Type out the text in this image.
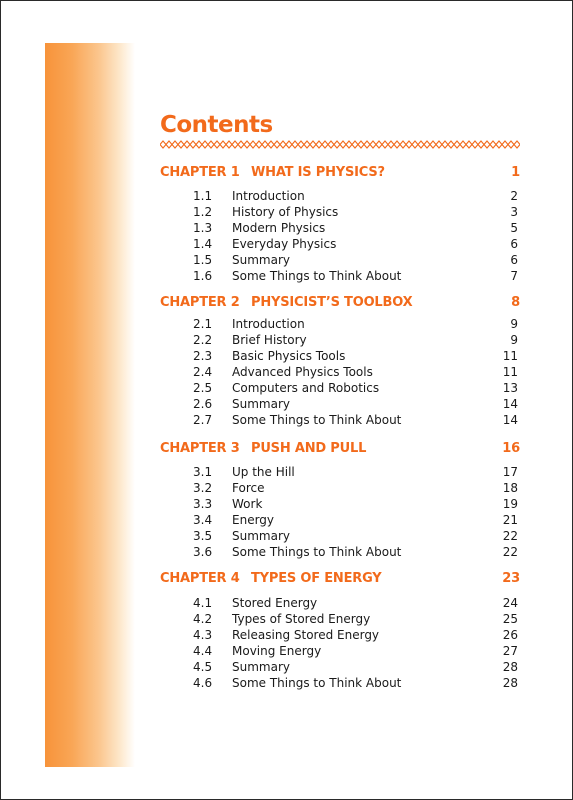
Contents
CHAPTER 1 WHAT IS PHYSICS?	1
1.1 Introduction	2
1.2 History of Physics	3
1.3 Modern Physics	5
1.4 Everyday Physics	6
1.5 Summary	6
1.6 Some Things to Think About	7
CHAPTER 2 PHYSICIST’S TOOLBOX	8
2.1 Introduction	9
2.2 Brief History	9
2.3 Basic Physics Tools	11
2.4 Advanced Physics Tools	11
2.5 Computers and Robotics	13
2.6 Summary	14
2.7 Some Things to Think About	14
CHAPTER 3 PUSH AND PULL	16
3.1 Up the Hill	17
3.2 Force	18
3.3 Work	19
3.4 Energy	21
3.5 Summary	22
3.6 Some Things to Think About	22
CHAPTER 4 TYPES OF ENERGY	23
4.1 Stored Energy	24
4.2 Types of Stored Energy	25
4.3 Releasing Stored Energy	26
4.4 Moving Energy	27
4.5 Summary	28
4.6 Some Things to Think About	28
